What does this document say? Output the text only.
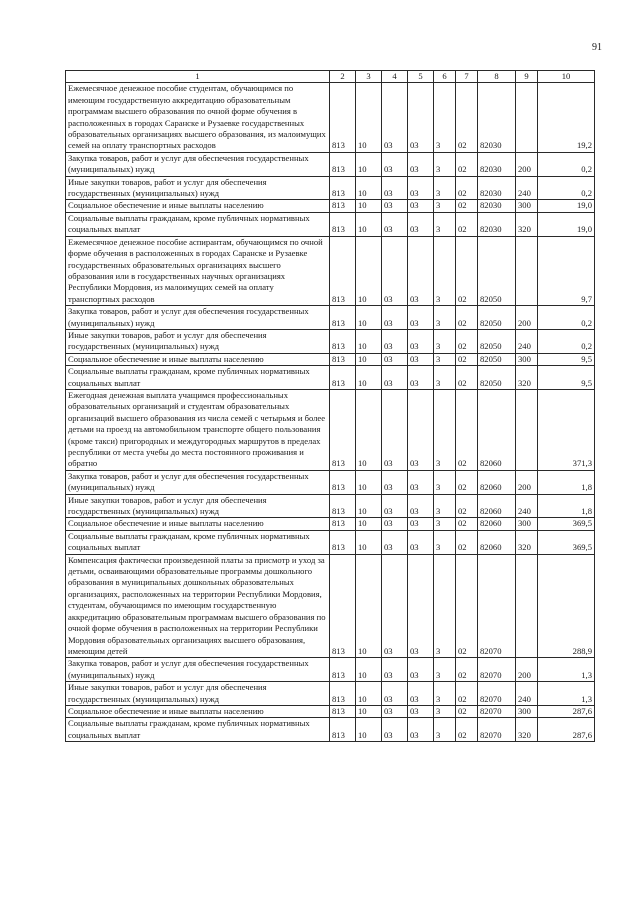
91
1	2	3	4	5	6	7	8	9	10
Ежемесячное денежное пособие студентам, обучающимся по имеющим государственную аккредитацию образовательным программам высшего образования по очной форме обучения в расположенных в городах Саранске и Рузаевке государственных образовательных организациях высшего образования, из малоимущих семей на оплату транспортных расходов	813	10	03	03	3	02	82030		19,2
Закупка товаров, работ и услуг для обеспечения государственных (муниципальных) нужд	813	10	03	03	3	02	82030	200	0,2
Иные закупки товаров, работ и услуг для обеспечения государственных (муниципальных) нужд	813	10	03	03	3	02	82030	240	0,2
Социальное обеспечение и иные выплаты населению	813	10	03	03	3	02	82030	300	19,0
Социальные выплаты гражданам, кроме публичных нормативных социальных выплат	813	10	03	03	3	02	82030	320	19,0
Ежемесячное денежное пособие аспирантам, обучающимся по очной форме обучения в расположенных в городах Саранске и Рузаевке государственных образовательных организациях высшего образования или в государственных научных организациях Республики Мордовия, из малоимущих семей на оплату транспортных расходов	813	10	03	03	3	02	82050		9,7
Закупка товаров, работ и услуг для обеспечения государственных (муниципальных) нужд	813	10	03	03	3	02	82050	200	0,2
Иные закупки товаров, работ и услуг для обеспечения государственных (муниципальных) нужд	813	10	03	03	3	02	82050	240	0,2
Социальное обеспечение и иные выплаты населению	813	10	03	03	3	02	82050	300	9,5
Социальные выплаты гражданам, кроме публичных нормативных социальных выплат	813	10	03	03	3	02	82050	320	9,5
Ежегодная денежная выплата учащимся профессиональных образовательных организаций и студентам образовательных организаций высшего образования из числа семей с четырьмя и более детьми на проезд на автомобильном транспорте общего пользования (кроме такси) пригородных и междугородных маршрутов в пределах республики от места учебы до места постоянного проживания и обратно	813	10	03	03	3	02	82060		371,3
Закупка товаров, работ и услуг для обеспечения государственных (муниципальных) нужд	813	10	03	03	3	02	82060	200	1,8
Иные закупки товаров, работ и услуг для обеспечения государственных (муниципальных) нужд	813	10	03	03	3	02	82060	240	1,8
Социальное обеспечение и иные выплаты населению	813	10	03	03	3	02	82060	300	369,5
Социальные выплаты гражданам, кроме публичных нормативных социальных выплат	813	10	03	03	3	02	82060	320	369,5
Компенсация фактически произведенной платы за присмотр и уход за детьми, осваивающими образовательные программы дошкольного образования в муниципальных дошкольных образовательных организациях, расположенных на территории Республики Мордовия, студентам, обучающимся по имеющим государственную аккредитацию образовательным программам высшего образования по очной форме обучения в расположенных на территории Республики Мордовия образовательных организациях высшего образования, имеющим детей	813	10	03	03	3	02	82070		288,9
Закупка товаров, работ и услуг для обеспечения государственных (муниципальных) нужд	813	10	03	03	3	02	82070	200	1,3
Иные закупки товаров, работ и услуг для обеспечения государственных (муниципальных) нужд	813	10	03	03	3	02	82070	240	1,3
Социальное обеспечение и иные выплаты населению	813	10	03	03	3	02	82070	300	287,6
Социальные выплаты гражданам, кроме публичных нормативных социальных выплат	813	10	03	03	3	02	82070	320	287,6
